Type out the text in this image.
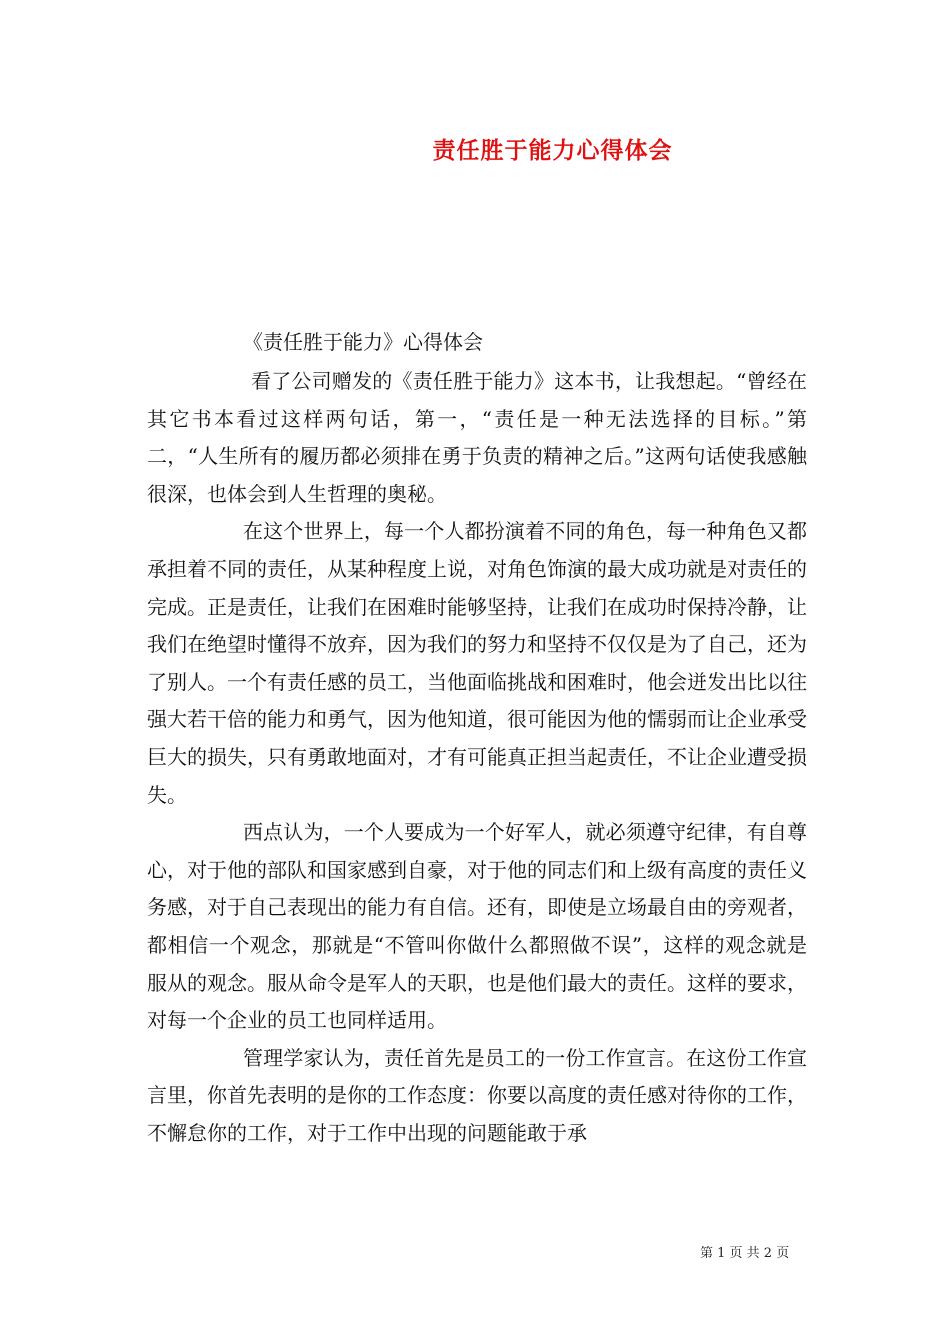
责任胜于能力心得体会
《责任胜于能力》心得体会

看了公司赠发的《责任胜于能力》这本书，让我想起。“曾经在其它书本看过这样两句话，第一，“责任是一种无法选择的目标。”第二，“人生所有的履历都必须排在勇于负责的精神之后。”这两句话使我感触很深，也体会到人生哲理的奥秘。

在这个世界上，每一个人都扮演着不同的角色，每一种角色又都承担着不同的责任，从某种程度上说，对角色饰演的最大成功就是对责任的完成。正是责任，让我们在困难时能够坚持，让我们在成功时保持冷静，让我们在绝望时懂得不放弃，因为我们的努力和坚持不仅仅是为了自己，还为了别人。一个有责任感的员工，当他面临挑战和困难时，他会迸发出比以往强大若干倍的能力和勇气，因为他知道，很可能因为他的懦弱而让企业承受巨大的损失，只有勇敢地面对，才有可能真正担当起责任，不让企业遭受损失。

西点认为，一个人要成为一个好军人，就必须遵守纪律，有自尊心，对于他的部队和国家感到自豪，对于他的同志们和上级有高度的责任义务感，对于自己表现出的能力有自信。还有，即使是立场最自由的旁观者，都相信一个观念，那就是“不管叫你做什么都照做不误”，这样的观念就是服从的观念。服从命令是军人的天职，也是他们最大的责任。这样的要求，对每一个企业的员工也同样适用。

管理学家认为，责任首先是员工的一份工作宣言。在这份工作宣言里，你首先表明的是你的工作态度：你要以高度的责任感对待你的工作，不懈怠你的工作，对于工作中出现的问题能敢于承

第 1 页 共 2 页
